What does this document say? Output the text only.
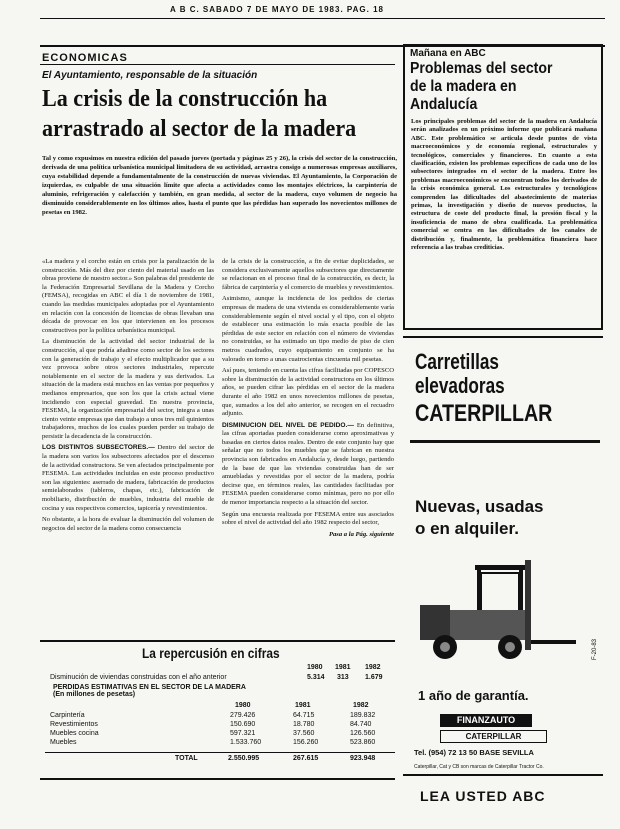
A B C. SABADO 7 DE MAYO DE 1983. PAG. 18
ECONOMICAS
El Ayuntamiento, responsable de la situación
La crisis de la construcción ha arrastrado al sector de la madera
Tal y como expusimos en nuestra edición del pasado jueves (portada y páginas 25 y 26), la crisis del sector de la construcción, derivada de una política urbanística municipal limitadora de su actividad, arrastra consigo a numerosas empresas auxiliares, cuya estabilidad depende a fundamentalmente de la construcción de nuevas viviendas. El Ayuntamiento, la Corporación de izquierdas, es culpable de una situación límite que afecta a actividades como los montajes eléctricos, la carpintería de aluminio, refrigeración y calefacción y también, en gran medida, al sector de la madera, cuyo volumen de negocio ha disminuido considerablemente en los últimos años, hasta el punto que las pérdidas han superado los novecientos millones de pesetas en 1982.

«La madera y el corcho están en crisis por la paralización de la construcción. Más del diez por ciento del material usado en las obras proviene de nuestro sector.» Son palabras del presidente de la Federación Empresarial Sevillana de la Madera y Corcho (FEMSA), recogidas en ABC el día 1 de noviembre de 1981, cuando las medidas municipales adoptadas por el Ayuntamiento en relación con la concesión de licencias de obras llevaban una década de provocar en los que intervienen en los procesos constructivos por la política urbanística municipal.

La disminución de la actividad del sector industrial de la construcción, al que podría añadirse como sector de los sectores con la generación de trabajo y el efecto multiplicador que a su vez provoca sobre otros sectores industriales, repercute notablemente en el sector de la madera y sus derivados. La situación de la madera está muchos en las ventas por pequeños y medianos empresarios, que son los que la crisis actual viene incidiendo con especial gravedad. En nuestra provincia, FESEMA, la organización empresarial del sector, integra a unas ciento veinte empresas que dan trabajo a unos tres mil quinientos trabajadores, muchos de los cuales pueden perder su trabajo de persistir la decadencia de la construcción.

LOS DISTINTOS SUBSECTORES.— Dentro del sector de la madera son varios los subsectores afectados por el descenso de la actividad constructora. Se ven afectados principalmente por FESEMA. Las actividades incluidas en este proceso productivo son las siguientes: aserrado de madera, fabricación de productos semielaborados (tableros, chapas, etc.), fabricación de mobiliario, distribución de muebles, industria del mueble de cocina y sus respectivos comercios, tapicería y revestimientos.

No obstante, a la hora de evaluar la disminución del volumen de negocios del sector de la madera como consecuencia

de la crisis de la construcción, a fin de evitar duplicidades, se considera exclusivamente aquellos subsectores que directamente se relacionan en el proceso final de la construcción, es decir, la fábrica de carpintería y el comercio de muebles y revestimientos.

Asimismo, aunque la incidencia de los pedidos de ciertas empresas de madera de una vivienda es considerablemente varía considerablemente según el nivel social y el tipo, con el objeto de establecer una estimación lo más exacta posible de las pérdidas de este sector en relación con el número de viviendas no construidas, se ha estimado un tipo medio de piso de cien metros cuadrados, cuyo equipamiento en conjunto se ha valorado en torno a unas cuatrocientas cincuenta mil pesetas.

Así pues, teniendo en cuenta las cifras facilitadas por COPESCO sobre la disminución de la actividad constructora en los últimos años, se pueden cifrar las pérdidas en el sector de la madera durante el año 1982 en unos novecientos millones de pesetas, que, sumados a los del año anterior, se recogen en el recuadro adjunto.

DISMINUCION DEL NIVEL DE PEDIDO.— En definitiva, las cifras aportadas pueden considerarse como aproximativas y basadas en ciertos datos reales. Dentro de este conjunto hay que señalar que no todos los muebles que se fabrican en nuestra provincia son fabricados en Andalucía y, desde luego, partiendo de la base de que las viviendas construidas han de ser amuebladas y revestidas por el sector de la madera, podría decirse que, en términos reales, las cantidades facilitadas por FESEMA pueden considerarse como mínimas, pero no por ello de menor importancia respecto a la situación del sector.

Según una encuesta realizada por FESEMA entre sus asociados sobre el nivel de actividad del año 1982 respecto del sector,

Pasa a la Pág. siguiente

La repercusión en cifras
1980 1981 1982
Disminución de viviendas construidas con el año anterior	5.314 313 1.679
PERDIDAS ESTIMATIVAS EN EL SECTOR DE LA MADERA
(En millones de pesetas)
1980	1981	1982
Carpintería	279.426	64.715	189.832
Revestimientos	150.690	18.780	84.740
Muebles cocina	597.321	37.560	126.560
Muebles	1.533.760	156.260	523.860
TOTAL	2.550.995	267.615	923.948
Mañana en ABC
Problemas del sector de la madera en Andalucía
Los principales problemas del sector de la madera en Andalucía serán analizados en un próximo informe que publicará mañana ABC. Este problemático se articula desde puntos de vista macroeconómicos y de economía regional, estructurales y tecnológicos, comerciales y financieros. En cuanto a esta clasificación, existen los problemas específicos de cada uno de los subsectores integrados en el sector de la madera. Entre los problemas macroeconómicos se encuentran todos los derivados de la crisis económica general. Los estructurales y tecnológicos comprenden las dificultades del abastecimiento de materias primas, la investigación y diseño de nuevos productos, la estructura de coste del producto final, la presión fiscal y la insuficiencia de mano de obra cualificada. La problemática comercial se centra en las dificultades de los canales de distribución y, finalmente, la problemática financiera hace referencia a las trabas crediticias.
Carretillas
elevadoras
CATERPILLAR
Nuevas, usadas
o en alquiler.
F-20-83
1 año de garantía.
FINANZAUTO
CATERPILLAR
Tel. (954) 72 13 50 BASE SEVILLA
Caterpillar, Cat y CB son marcas de Caterpillar Tractor Co.
LEA USTED ABC
